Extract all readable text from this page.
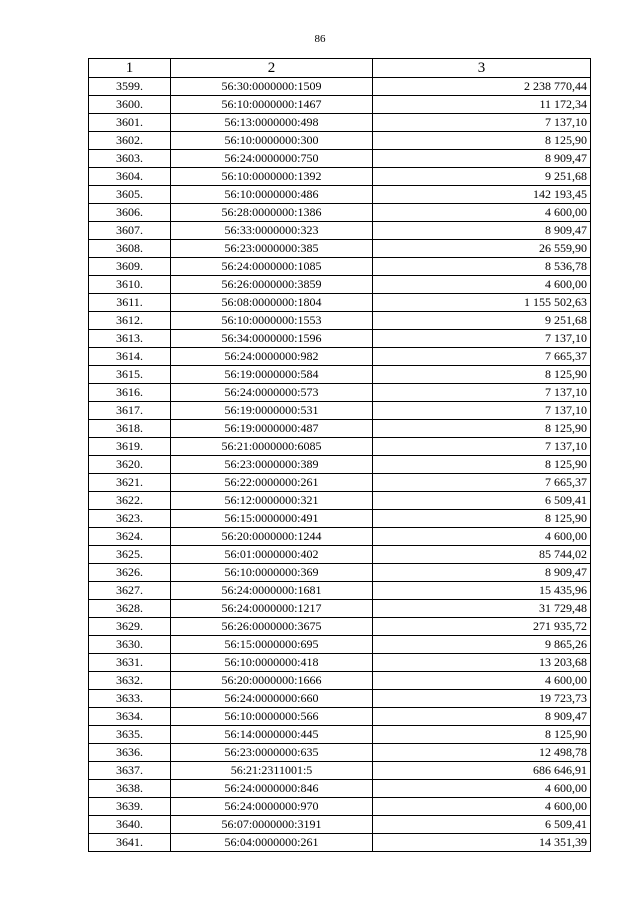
86
1	2	3
3599.	56:30:0000000:1509	2 238 770,44
3600.	56:10:0000000:1467	11 172,34
3601.	56:13:0000000:498	7 137,10
3602.	56:10:0000000:300	8 125,90
3603.	56:24:0000000:750	8 909,47
3604.	56:10:0000000:1392	9 251,68
3605.	56:10:0000000:486	142 193,45
3606.	56:28:0000000:1386	4 600,00
3607.	56:33:0000000:323	8 909,47
3608.	56:23:0000000:385	26 559,90
3609.	56:24:0000000:1085	8 536,78
3610.	56:26:0000000:3859	4 600,00
3611.	56:08:0000000:1804	1 155 502,63
3612.	56:10:0000000:1553	9 251,68
3613.	56:34:0000000:1596	7 137,10
3614.	56:24:0000000:982	7 665,37
3615.	56:19:0000000:584	8 125,90
3616.	56:24:0000000:573	7 137,10
3617.	56:19:0000000:531	7 137,10
3618.	56:19:0000000:487	8 125,90
3619.	56:21:0000000:6085	7 137,10
3620.	56:23:0000000:389	8 125,90
3621.	56:22:0000000:261	7 665,37
3622.	56:12:0000000:321	6 509,41
3623.	56:15:0000000:491	8 125,90
3624.	56:20:0000000:1244	4 600,00
3625.	56:01:0000000:402	85 744,02
3626.	56:10:0000000:369	8 909,47
3627.	56:24:0000000:1681	15 435,96
3628.	56:24:0000000:1217	31 729,48
3629.	56:26:0000000:3675	271 935,72
3630.	56:15:0000000:695	9 865,26
3631.	56:10:0000000:418	13 203,68
3632.	56:20:0000000:1666	4 600,00
3633.	56:24:0000000:660	19 723,73
3634.	56:10:0000000:566	8 909,47
3635.	56:14:0000000:445	8 125,90
3636.	56:23:0000000:635	12 498,78
3637.	56:21:2311001:5	686 646,91
3638.	56:24:0000000:846	4 600,00
3639.	56:24:0000000:970	4 600,00
3640.	56:07:0000000:3191	6 509,41
3641.	56:04:0000000:261	14 351,39
